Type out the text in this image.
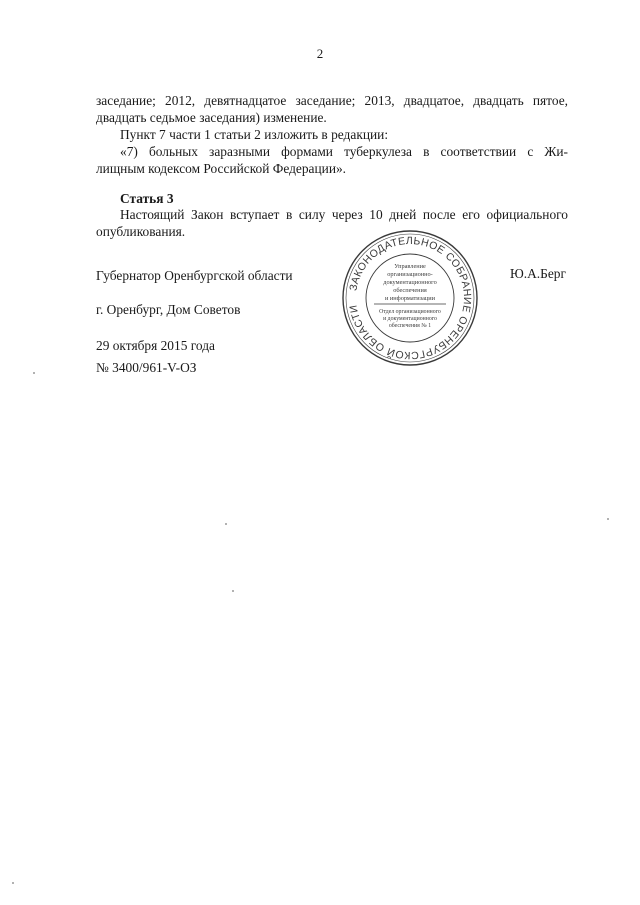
2
заседание; 2012, девятнадцатое заседание; 2013, двадцатое, двадцать пятое,
двадцать седьмое заседания) изменение.
Пункт 7 части 1 статьи 2 изложить в редакции:
«7) больных заразными формами туберкулеза в соответствии с Жи-
лищным кодексом Российской Федерации».
Статья 3
Настоящий Закон вступает в силу через 10 дней после его официального
опубликования.
Губернатор Оренбургской области	Ю.А.Берг
г. Оренбург, Дом Советов
29 октября 2015 года
№ 3400/961-V-ОЗ
ЗАКОНОДАТЕЛЬНОЕ СОБРАНИЕ ОРЕНБУРГСКОЙ ОБЛАСТИ
Управление
организационно-
документационного
обеспечения
и информатизации
Отдел организационного
и документационного
обеспечения № 1
